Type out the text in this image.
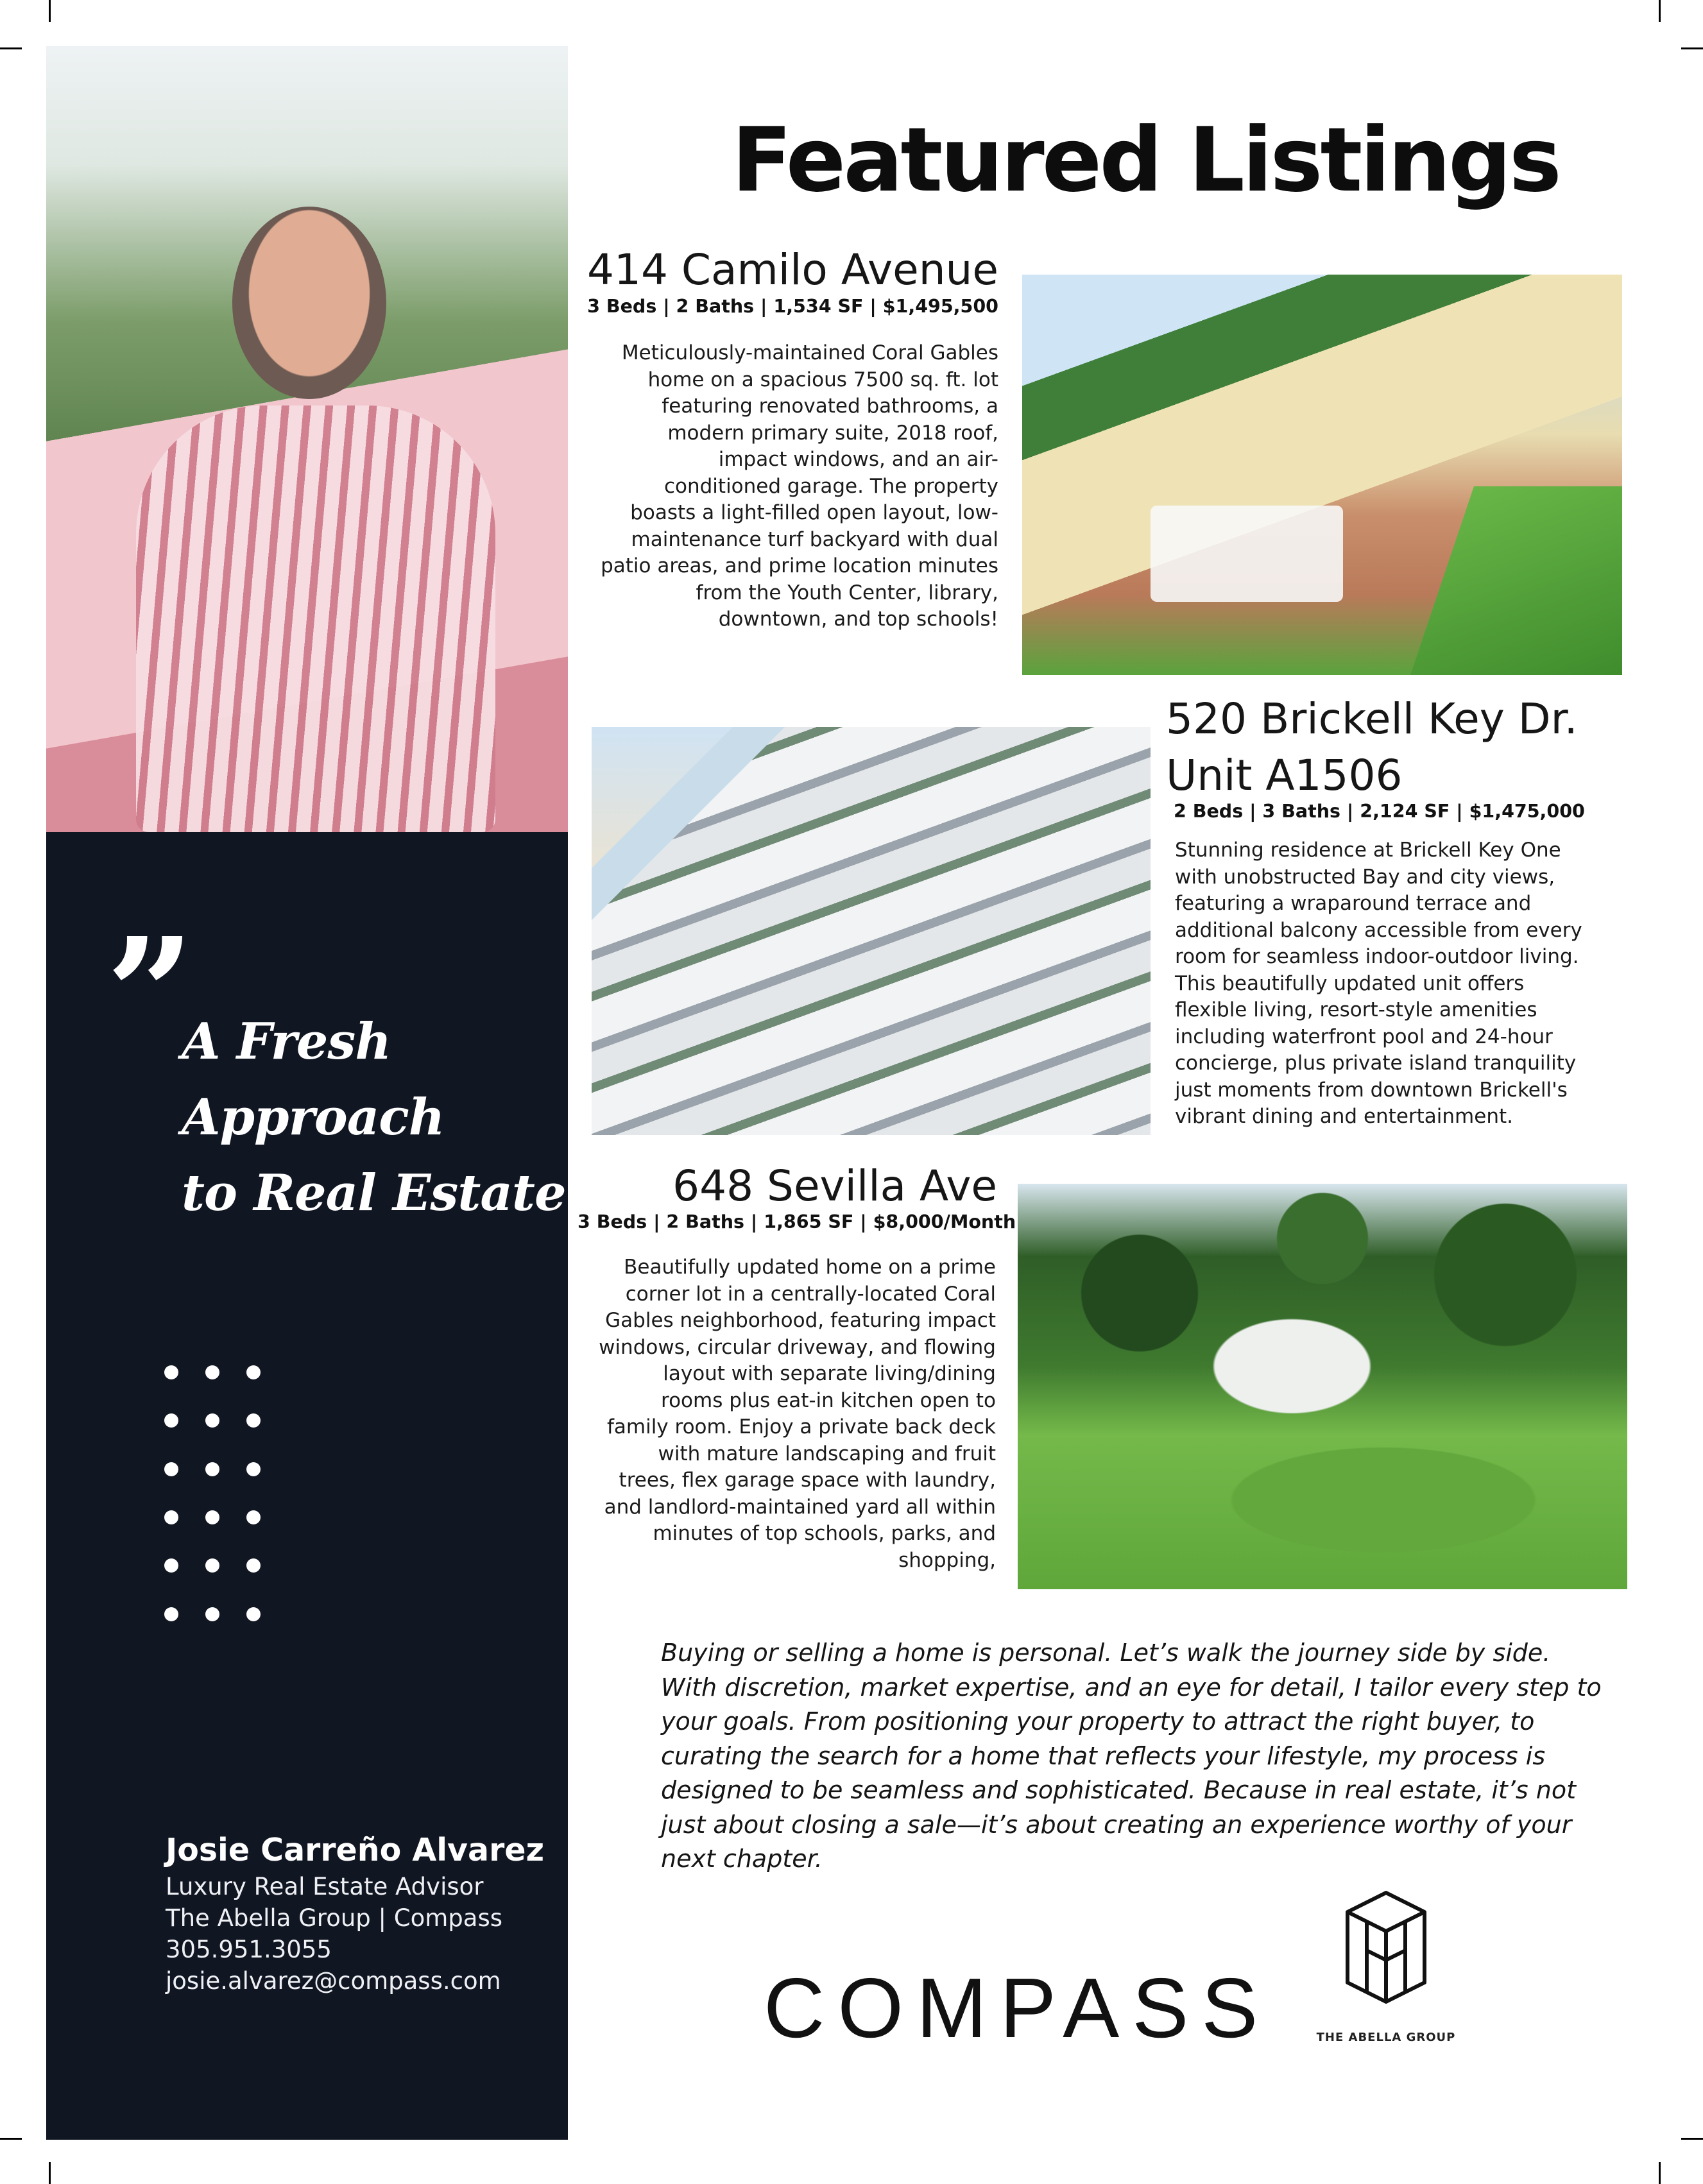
”
A Fresh
Approach
to Real Estate
Josie Carreño Alvarez
Luxury Real Estate Advisor
The Abella Group | Compass
305.951.3055
josie.alvarez@compass.com
Featured Listings
414 Camilo Avenue
3 Beds | 2 Baths | 1,534 SF | $1,495,500
Meticulously-maintained Coral Gables
home on a spacious 7500 sq. ft. lot
featuring renovated bathrooms, a
modern primary suite, 2018 roof,
impact windows, and an air-
conditioned garage. The property
boasts a light-filled open layout, low-
maintenance turf backyard with dual
patio areas, and prime location minutes
from the Youth Center, library,
downtown, and top schools!
520 Brickell Key Dr.
Unit A1506
2 Beds | 3 Baths | 2,124 SF | $1,475,000
Stunning residence at Brickell Key One
with unobstructed Bay and city views,
featuring a wraparound terrace and
additional balcony accessible from every
room for seamless indoor-outdoor living.
This beautifully updated unit offers
flexible living, resort-style amenities
including waterfront pool and 24-hour
concierge, plus private island tranquility
just moments from downtown Brickell's
vibrant dining and entertainment.
648 Sevilla Ave
3 Beds | 2 Baths | 1,865 SF | $8,000/Month
Beautifully updated home on a prime
corner lot in a centrally-located Coral
Gables neighborhood, featuring impact
windows, circular driveway, and flowing
layout with separate living/dining
rooms plus eat-in kitchen open to
family room. Enjoy a private back deck
with mature landscaping and fruit
trees, flex garage space with laundry,
and landlord-maintained yard all within
minutes of top schools, parks, and
shopping,
Buying or selling a home is personal. Let’s walk the journey side by side.
With discretion, market expertise, and an eye for detail, I tailor every step to
your goals. From positioning your property to attract the right buyer, to
curating the search for a home that reflects your lifestyle, my process is
designed to be seamless and sophisticated. Because in real estate, it’s not
just about closing a sale—it’s about creating an experience worthy of your
next chapter.
COMPASS	THE ABELLA GROUP
